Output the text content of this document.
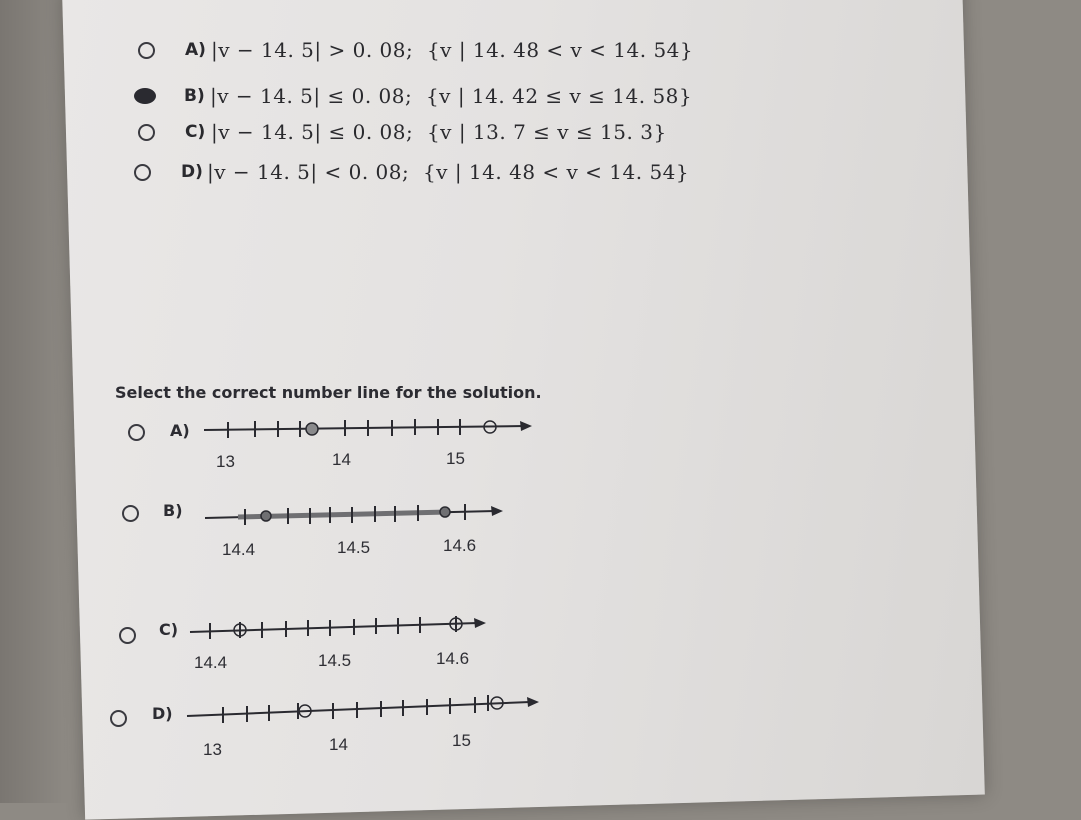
A) |v − 14. 5| > 0. 08;  {v | 14. 48 < v < 14. 54}
B) |v − 14. 5| ≤ 0. 08;  {v | 14. 42 ≤ v ≤ 14. 58}
C) |v − 14. 5| ≤ 0. 08;  {v | 13. 7 ≤ v ≤ 15. 3}
D) |v − 14. 5| < 0. 08;  {v | 14. 48 < v < 14. 54}
Select the correct number line for the solution.
A)
13	14	15
B)
14.4	14.5	14.6
C)
14.4	14.5	14.6
D)
13	14	15
